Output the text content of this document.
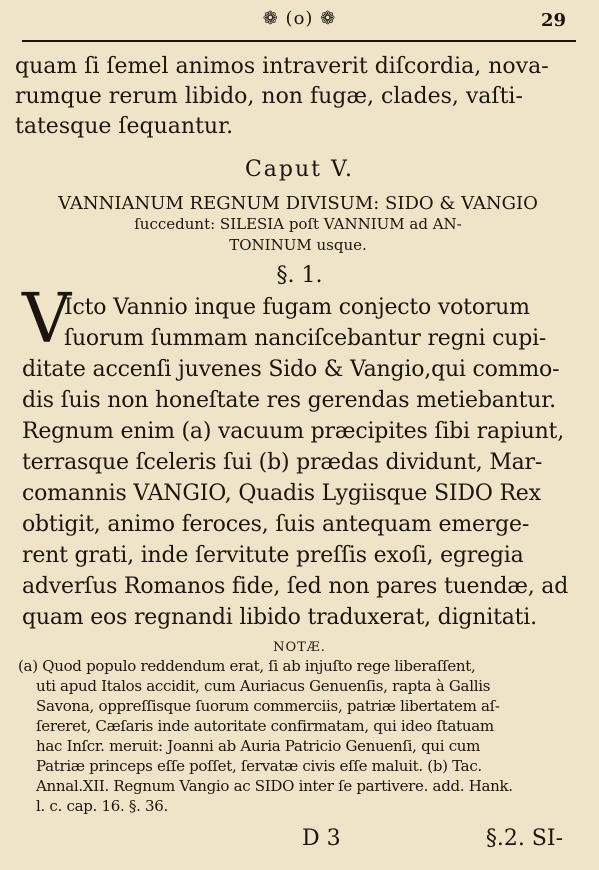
❁ (o) ❁	29
quam ſi ſemel animos intraverit diſcordia, nova-
rumque rerum libido, non fugæ, clades, vaſti-
tatesque ſequantur.
Caput V.
VANNIANUM REGNUM DIVISUM: SIDO & VANGIO
ſuccedunt: SILESIA poſt VANNIUM ad AN-
TONINUM usque.
§. 1.
V
Icto Vannio inque fugam conjecto votorum
ſuorum ſummam nanciſcebantur regni cupi-
ditate accenſi juvenes Sido & Vangio,qui commo-
dis ſuis non honeſtate res gerendas metiebantur.
Regnum enim (a) vacuum præcipites ſibi rapiunt,
terrasque ſceleris ſui (b) prædas dividunt, Mar-
comannis VANGIO, Quadis Lygiisque SIDO Rex
obtigit, animo feroces, ſuis antequam emerge-
rent grati, inde ſervitute preſſis exoſi, egregia
adverſus Romanos fide, ſed non pares tuendæ, ad
quam eos regnandi libido traduxerat, dignitati.
NOTÆ.
(a) Quod populo reddendum erat, ſi ab injuſto rege liberaſſent,
uti apud Italos accidit, cum Auriacus Genuenſis, rapta à Gallis
Savona, oppreſſisque ſuorum commerciis, patriæ libertatem aſ-
ſereret, Cæſaris inde autoritate confirmatam, qui ideo ſtatuam
hac Inſcr. meruit: Joanni ab Auria Patricio Genuenſi, qui cum
Patriæ princeps eſſe poſſet, ſervatæ civis eſſe maluit. (b) Tac.
Annal.XII. Regnum Vangio ac SIDO inter ſe partivere. add. Hank.
l. c. cap. 16. §. 36.
D 3	§.2. SI-
